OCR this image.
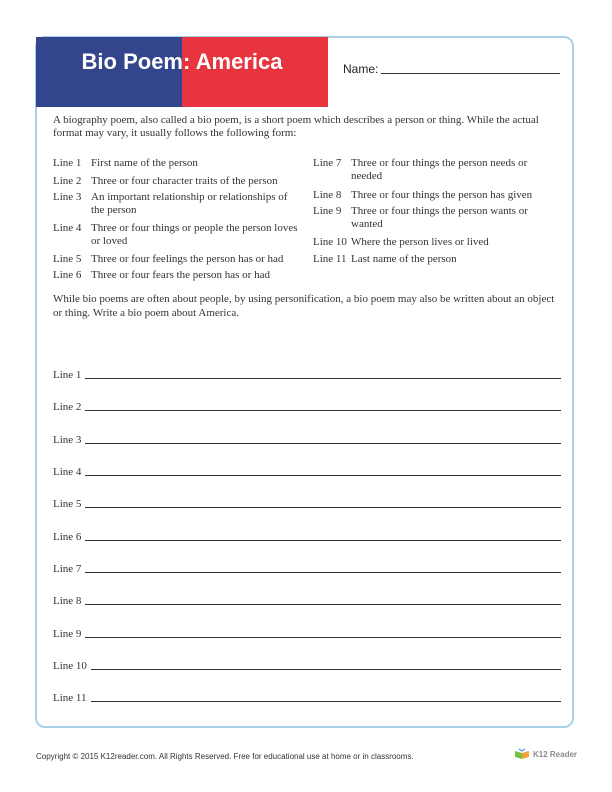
Bio Poem: America	Name:
A biography poem, also called a bio poem, is a short poem which describes a person or thing. While the actual format may vary, it usually follows the following form:
Line 1 First name of the person
Line 2 Three or four character traits of the person
Line 3 An important relationship or relationships of the person
Line 4 Three or four things or people the person loves or loved
Line 5 Three or four feelings the person has or had
Line 6 Three or four fears the person has or had
Line 7 Three or four things the person needs or needed
Line 8 Three or four things the person has given
Line 9 Three or four things the person wants or wanted
Line 10 Where the person lives or lived
Line 11 Last name of the person
While bio poems are often about people, by using personification, a bio poem may also be written about an object or thing. Write a bio poem about America.
Line 1
Line 2
Line 3
Line 4
Line 5
Line 6
Line 7
Line 8
Line 9
Line 10
Line 11
Copyright © 2015 K12reader.com. All Rights Reserved. Free for educational use at home or in classrooms.	K12 Reader
